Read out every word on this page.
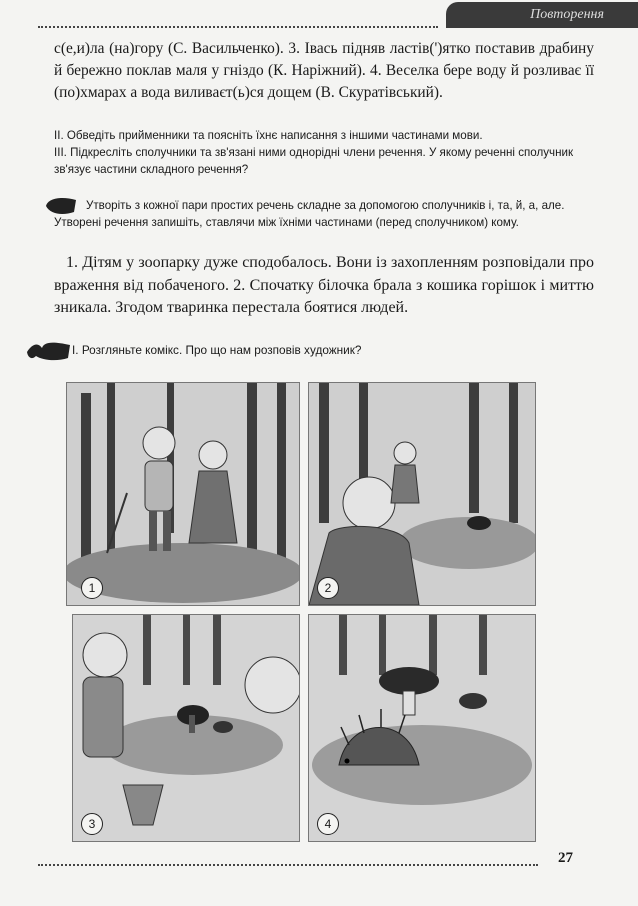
Повторення

с(е,и)ла (на)гору (С. Васильченко). 3. Івась підняв ластів(')ятко поставив драбину й бережно поклав маля у гніздо (К. Наріжний). 4. Веселка бере воду й розливає її (по)хмарах а вода виливаєт(ь)ся дощем (В. Скуратівський).

II. Обведіть прийменники та поясніть їхнє написання з іншими частинами мови.

III. Підкресліть сполучники та зв'язані ними однорідні члени речення. У якому реченні сполучник зв'язує частини складного речення?

Утворіть з кожної пари простих речень складне за допомогою сполучників і, та, й, а, але. Утворені речення запишіть, ставлячи між їхніми частинами (перед сполучником) кому.

1. Дітям у зоопарку дуже сподобалось. Вони із захопленням розповідали про враження від побаченого. 2. Спочатку білочка брала з кошика горішок і миттю зникала. Згодом тваринка перестала боятися людей.

I. Розгляньте комікс. Про що нам розповів художник?
1	2
3	4
27
